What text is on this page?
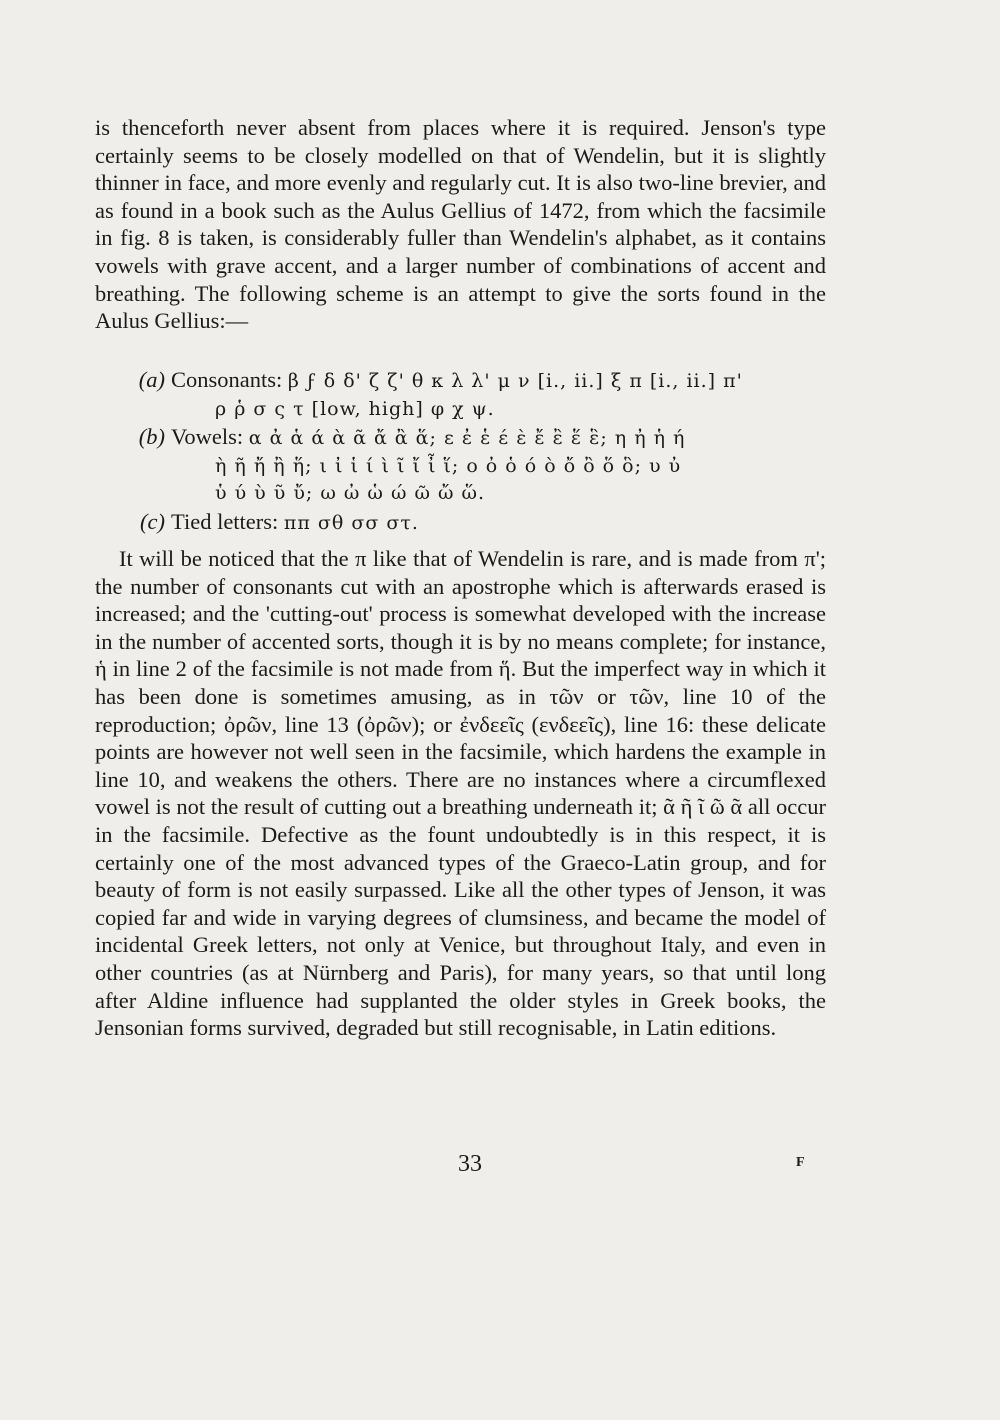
is thenceforth never absent from places where it is required. Jenson's type certainly seems to be closely modelled on that of Wendelin, but it is slightly thinner in face, and more evenly and regularly cut. It is also two-line brevier, and as found in a book such as the Aulus Gellius of 1472, from which the facsimile in fig. 8 is taken, is considerably fuller than Wendelin's alphabet, as it contains vowels with grave accent, and a larger number of combinations of accent and breathing. The following scheme is an attempt to give the sorts found in the Aulus Gellius:—

(a) Consonants: β ϝ δ δ' ζ ζ' θ κ λ λ' μ ν [i., ii.] ξ π [i., ii.] π'
ρ ῥ σ ς τ [low, high] φ χ ψ.
(b) Vowels: α ἀ ἁ ά ὰ ᾶ ἄ ἂ ἅ; ε ἐ ἑ έ ὲ ἔ ἒ ἕ ἓ; η ἠ ἡ ή
ὴ ῆ ἤ ἢ ἥ; ι ἰ ἱ ί ὶ ῖ ἴ ἶ ἵ; ο ὀ ὁ ό ὸ ὄ ὂ ὅ ὃ; υ ὐ
ὑ ύ ὺ ῦ ὔ; ω ὠ ὡ ώ ῶ ὤ ὥ.
(c) Tied letters: ππ σθ σσ στ.

It will be noticed that the π like that of Wendelin is rare, and is made from π'; the number of consonants cut with an apostrophe which is afterwards erased is increased; and the 'cutting-out' process is somewhat developed with the increase in the number of accented sorts, though it is by no means complete; for instance, ἡ in line 2 of the facsimile is not made from ἥ. But the imperfect way in which it has been done is sometimes amusing, as in τῶν or τῶν, line 10 of the reproduction; ὀρῶν, line 13 (ὀρῶν); or ἐνδεεῖς (ενδεεῖς), line 16: these delicate points are however not well seen in the facsimile, which hardens the example in line 10, and weakens the others. There are no instances where a circumflexed vowel is not the result of cutting out a breathing underneath it; ᾶ ῆ ῖ ῶ ᾶ all occur in the facsimile. Defective as the fount undoubtedly is in this respect, it is certainly one of the most advanced types of the Graeco-Latin group, and for beauty of form is not easily surpassed. Like all the other types of Jenson, it was copied far and wide in varying degrees of clumsiness, and became the model of incidental Greek letters, not only at Venice, but throughout Italy, and even in other countries (as at Nürnberg and Paris), for many years, so that until long after Aldine influence had supplanted the older styles in Greek books, the Jensonian forms survived, degraded but still recognisable, in Latin editions.

33	F
